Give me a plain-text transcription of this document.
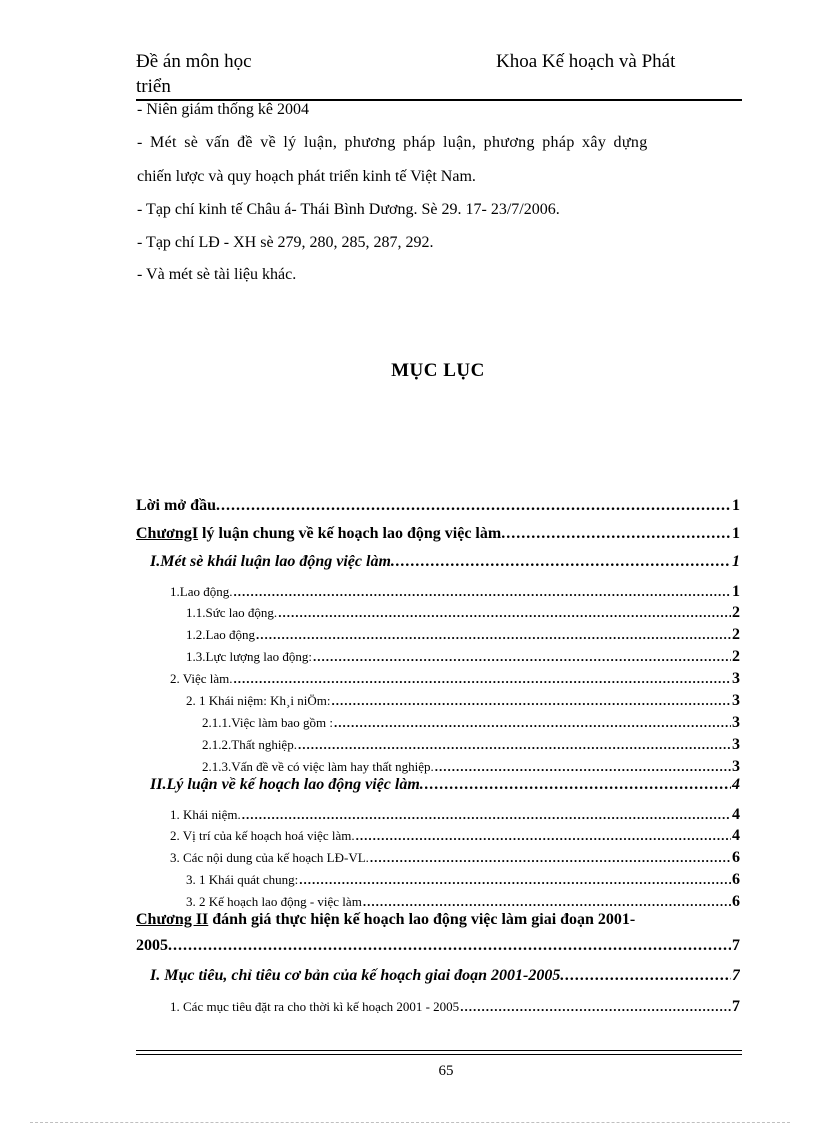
Đề án môn học	Khoa Kế hoạch và Phát
triển
- Niên giám thống kê 2004
- Mét sè vấn đề về lý luận, phương pháp luận, phương pháp xây dựng
chiến lược và quy hoạch phát triển kinh tế Việt Nam.
- Tạp chí kinh tế Châu á- Thái Bình Dương. Sè 29. 17- 23/7/2006.
- Tạp chí LĐ - XH sè 279, 280, 285, 287, 292.
- Và mét sè tài liệu khác.
MỤC LỤC
Lời mở đầu. .....	1
ChươngI lý luận chung về kế hoạch lao động việc làm. .....	1
I.Mét sè khái luận lao động việc làm. .....	1
1.Lao động. .....	1
1.1.Sức lao động. .....	2
1.2.Lao động .....	2
1.3.Lực lượng lao động: .....	2
2. Việc làm. .....	3
2. 1 Khái niệm: Kh¸i niÖm: .....	3
2.1.1.Việc làm bao gồm : .....	3
2.1.2.Thất nghiệp. .....	3
2.1.3.Vấn đề về có việc làm hay thất nghiệp. .....	3
II.Lý luận về kế hoạch lao động việc làm. .....	4
1. Khái niệm. .....	4
2. Vị trí của kế hoạch hoá việc làm. .....	4
3. Các nội dung của kế hoạch LĐ-VL. .....	6
3. 1 Khái quát chung: .....	6
3. 2 Kế hoạch lao động - việc làm .....	6
Chương II đánh giá thực hiện kế hoạch lao động việc làm giai đoạn 2001-
2005. .....	7
I. Mục tiêu, chỉ tiêu cơ bản của kế hoạch giai đoạn 2001-2005. .....	7
1. Các mục tiêu đặt ra cho thời kì kế hoạch 2001 - 2005 .....	7
65
